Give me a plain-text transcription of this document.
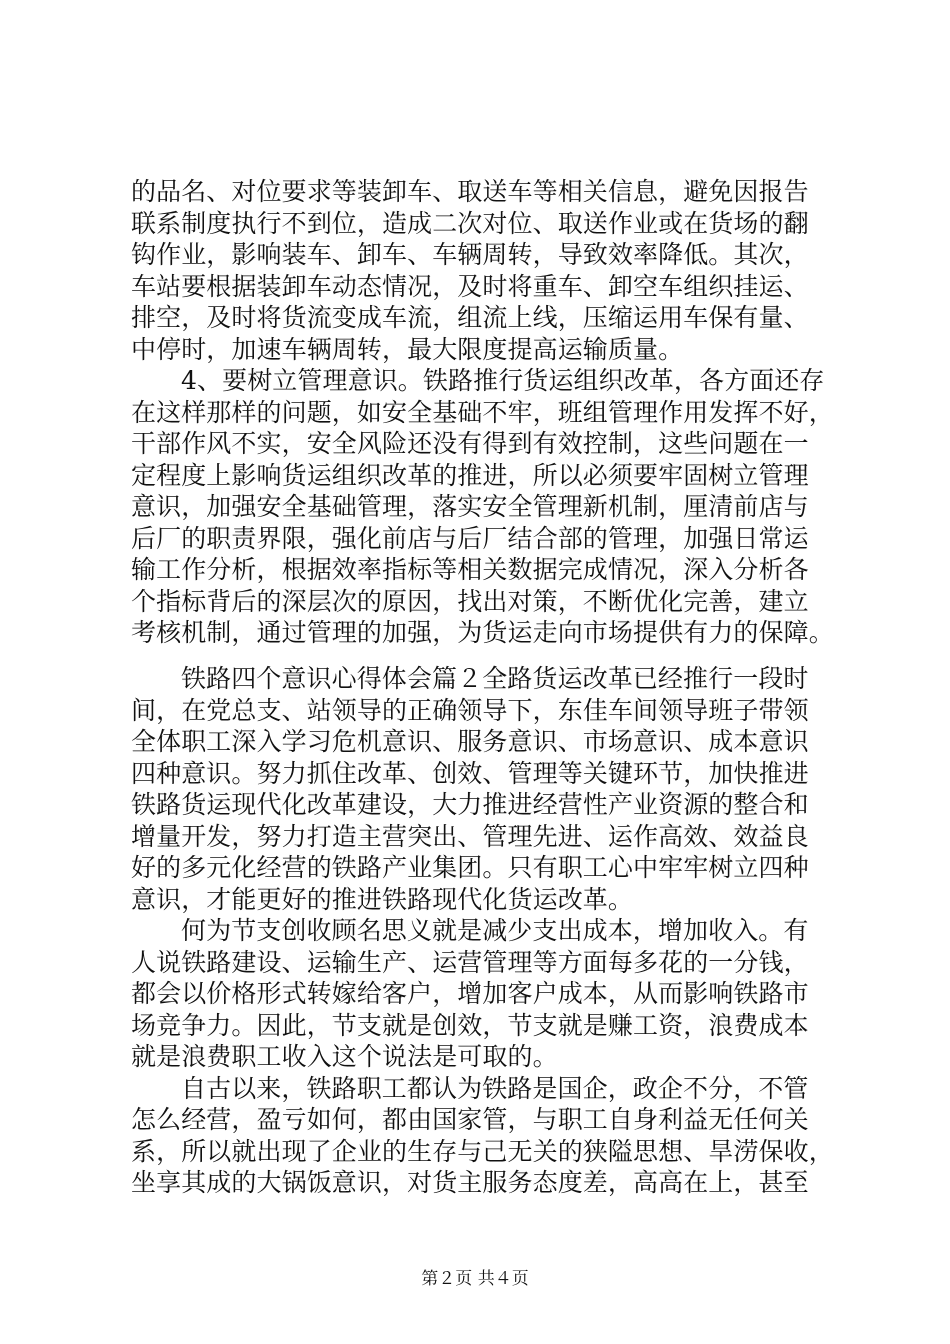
的品名、对位要求等装卸车、取送车等相关信息，避免因报告
联系制度执行不到位，造成二次对位、取送作业或在货场的翻
钩作业，影响装车、卸车、车辆周转，导致效率降低。其次，
车站要根据装卸车动态情况，及时将重车、卸空车组织挂运、
排空，及时将货流变成车流，组流上线，压缩运用车保有量、
中停时，加速车辆周转，最大限度提高运输质量。
4、要树立管理意识。铁路推行货运组织改革，各方面还存
在这样那样的问题，如安全基础不牢，班组管理作用发挥不好，
干部作风不实，安全风险还没有得到有效控制，这些问题在一
定程度上影响货运组织改革的推进，所以必须要牢固树立管理
意识，加强安全基础管理，落实安全管理新机制，厘清前店与
后厂的职责界限，强化前店与后厂结合部的管理，加强日常运
输工作分析，根据效率指标等相关数据完成情况，深入分析各
个指标背后的深层次的原因，找出对策，不断优化完善，建立
考核机制，通过管理的加强，为货运走向市场提供有力的保障。
铁路四个意识心得体会篇２全路货运改革已经推行一段时
间，在党总支、站领导的正确领导下，东佳车间领导班子带领
全体职工深入学习危机意识、服务意识、市场意识、成本意识
四种意识。努力抓住改革、创效、管理等关键环节，加快推进
铁路货运现代化改革建设，大力推进经营性产业资源的整合和
增量开发，努力打造主营突出、管理先进、运作高效、效益良
好的多元化经营的铁路产业集团。只有职工心中牢牢树立四种
意识，才能更好的推进铁路现代化货运改革。
何为节支创收顾名思义就是减少支出成本，增加收入。有
人说铁路建设、运输生产、运营管理等方面每多花的一分钱，
都会以价格形式转嫁给客户，增加客户成本，从而影响铁路市
场竞争力。因此，节支就是创效，节支就是赚工资，浪费成本
就是浪费职工收入这个说法是可取的。
自古以来，铁路职工都认为铁路是国企，政企不分，不管
怎么经营，盈亏如何，都由国家管，与职工自身利益无任何关
系，所以就出现了企业的生存与己无关的狭隘思想、旱涝保收，
坐享其成的大锅饭意识，对货主服务态度差，高高在上，甚至
第２页 共４页
